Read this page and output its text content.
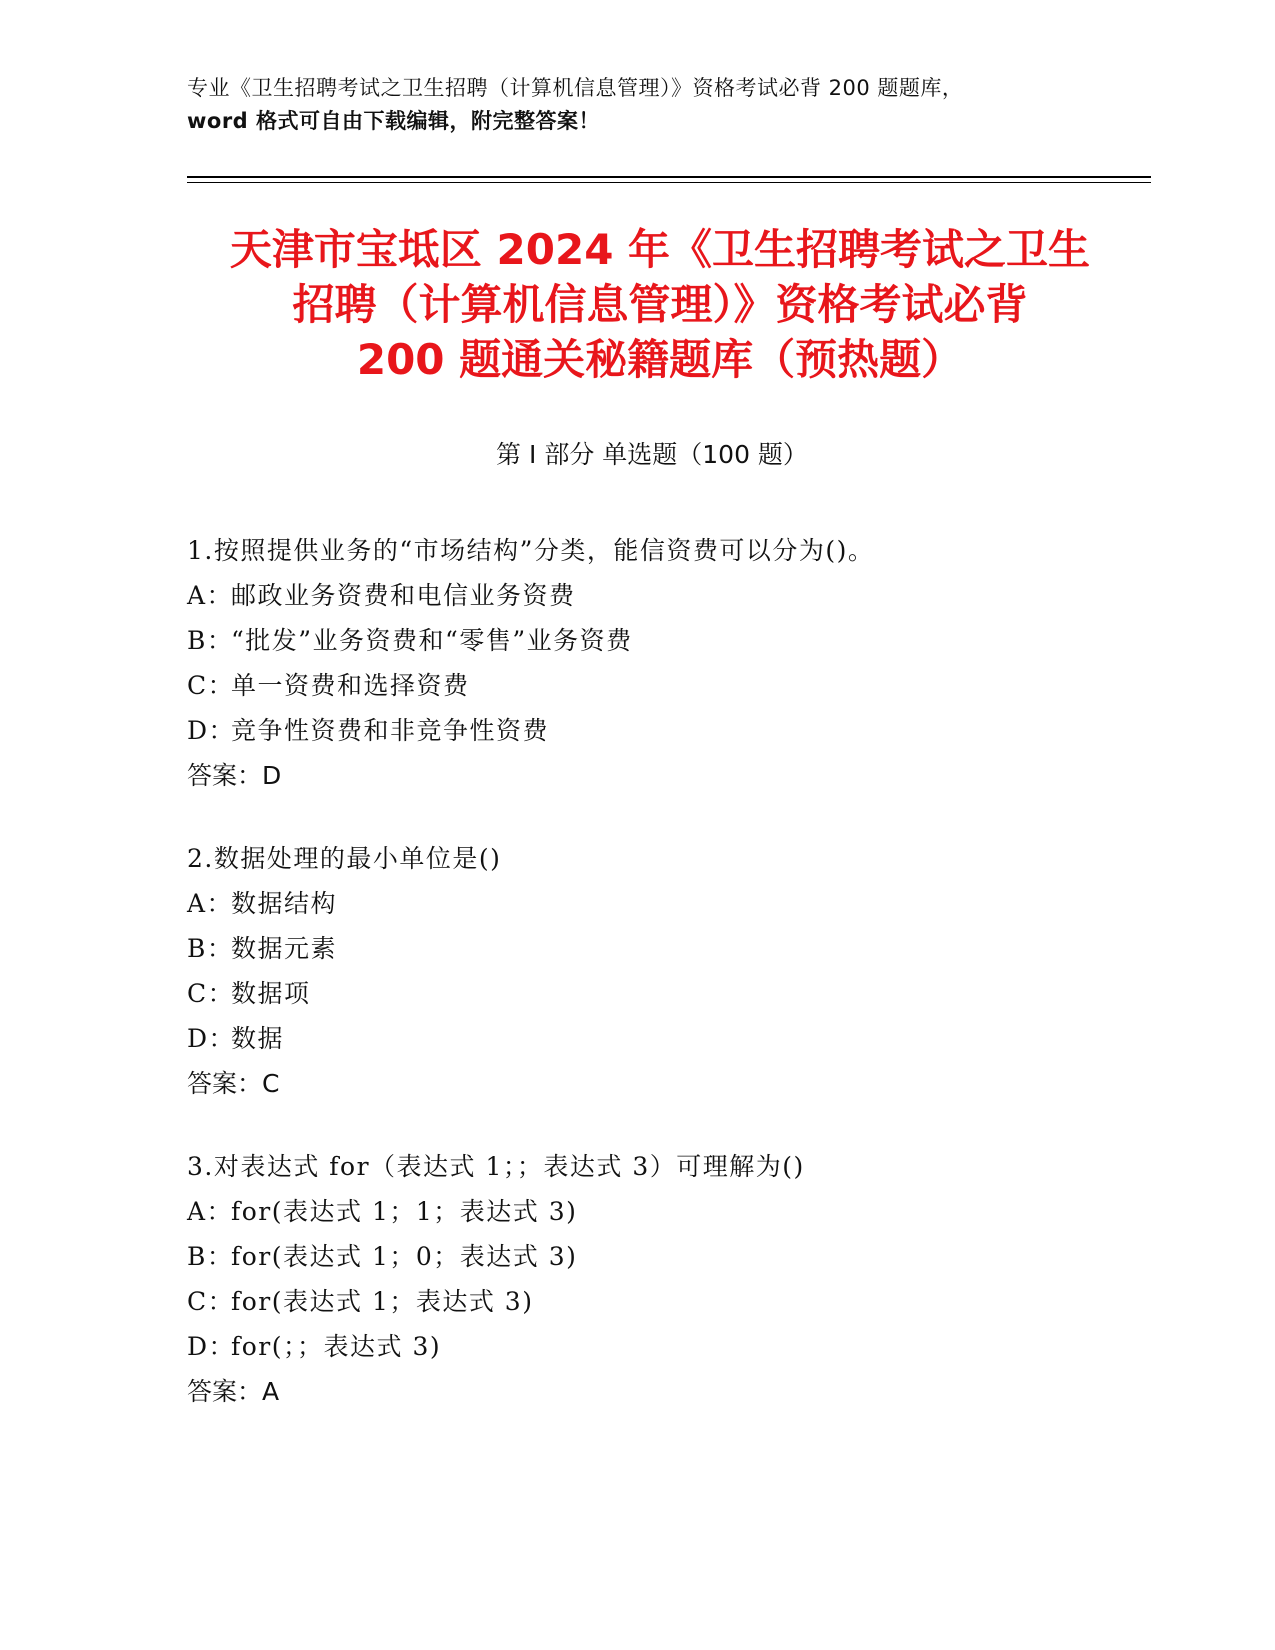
专业《卫生招聘考试之卫生招聘（计算机信息管理）》资格考试必背 200 题题库，
word 格式可自由下载编辑，附完整答案！
天津市宝坻区 2024 年《卫生招聘考试之卫生
招聘（计算机信息管理）》资格考试必背
200 题通关秘籍题库（预热题）
第 I 部分 单选题（100 题）
1.按照提供业务的“市场结构”分类，能信资费可以分为()。
A：邮政业务资费和电信业务资费
B：“批发”业务资费和“零售”业务资费
C：单一资费和选择资费
D：竞争性资费和非竞争性资费
答案：D
2.数据处理的最小单位是()
A：数据结构
B：数据元素
C：数据项
D：数据
答案：C
3.对表达式 for（表达式 1；；表达式 3）可理解为()
A：for(表达式 1；1；表达式 3)
B：for(表达式 1；0；表达式 3)
C：for(表达式 1；表达式 3)
D：for(；；表达式 3)
答案：A
